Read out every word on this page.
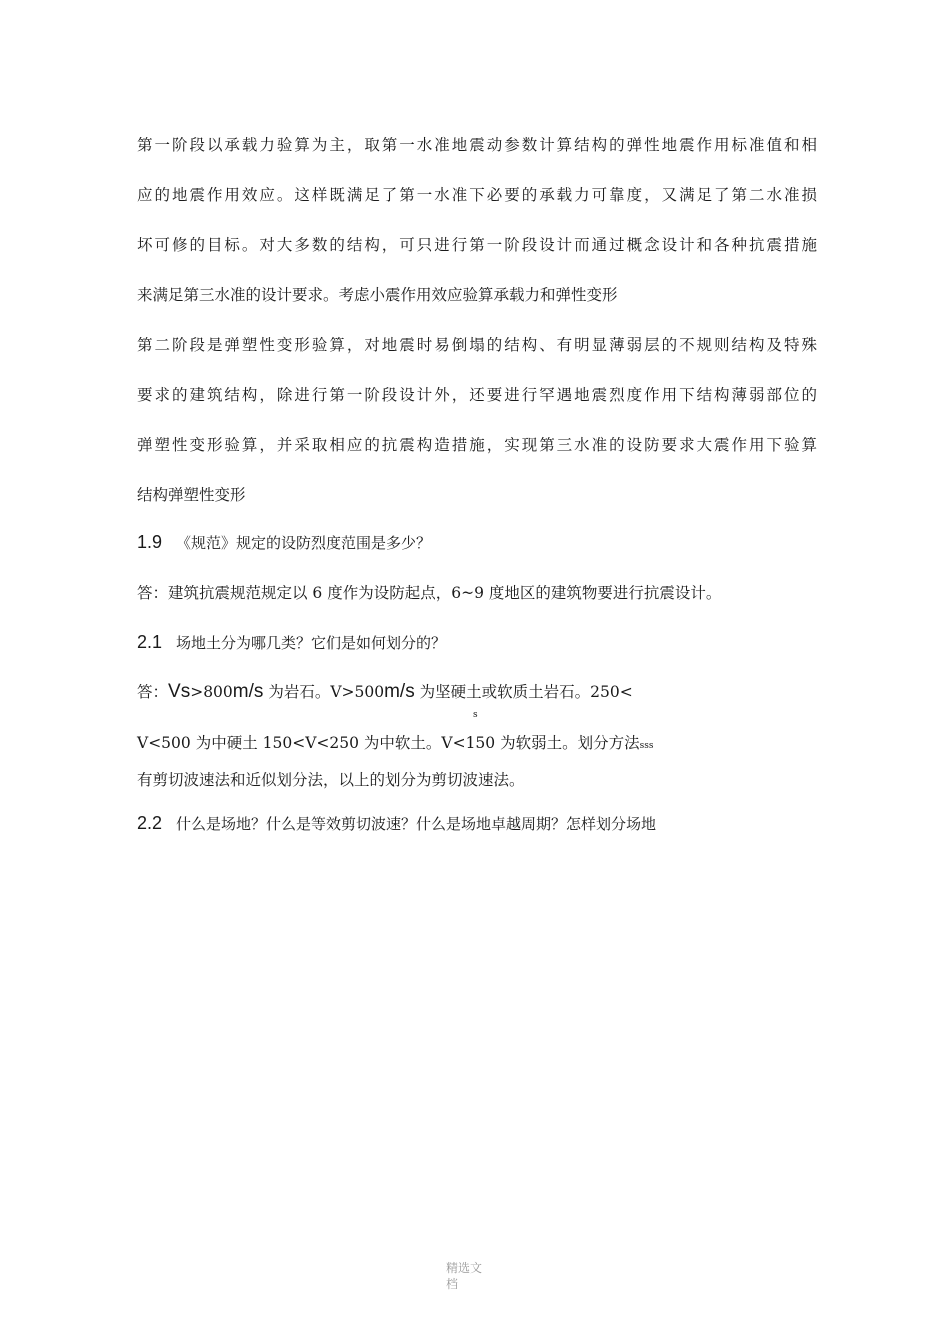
第一阶段以承载力验算为主，取第一水准地震动参数计算结构的弹性地震作用标准值和相
应的地震作用效应。这样既满足了第一水准下必要的承载力可靠度，又满足了第二水准损
坏可修的目标。对大多数的结构，可只进行第一阶段设计而通过概念设计和各种抗震措施
来满足第三水准的设计要求。考虑小震作用效应验算承载力和弹性变形
第二阶段是弹塑性变形验算，对地震时易倒塌的结构、有明显薄弱层的不规则结构及特殊
要求的建筑结构，除进行第一阶段设计外，还要进行罕遇地震烈度作用下结构薄弱部位的
弹塑性变形验算，并采取相应的抗震构造措施，实现第三水准的设防要求大震作用下验算
结构弹塑性变形
1.9 《规范》规定的设防烈度范围是多少？
答：建筑抗震规范规定以 6 度作为设防起点，6~9 度地区的建筑物要进行抗震设计。
2.1 场地土分为哪几类？它们是如何划分的？
答：Vs>800m/s 为岩石。V>500m/s 为坚硬土或软质土岩石。250<
s
V<500 为中硬土 150<V<250 为中软土。V<150 为软弱土。划分方法sss
有剪切波速法和近似划分法，以上的划分为剪切波速法。
2.2 什么是场地？什么是等效剪切波速？什么是场地卓越周期？怎样划分场地
精选文
档
